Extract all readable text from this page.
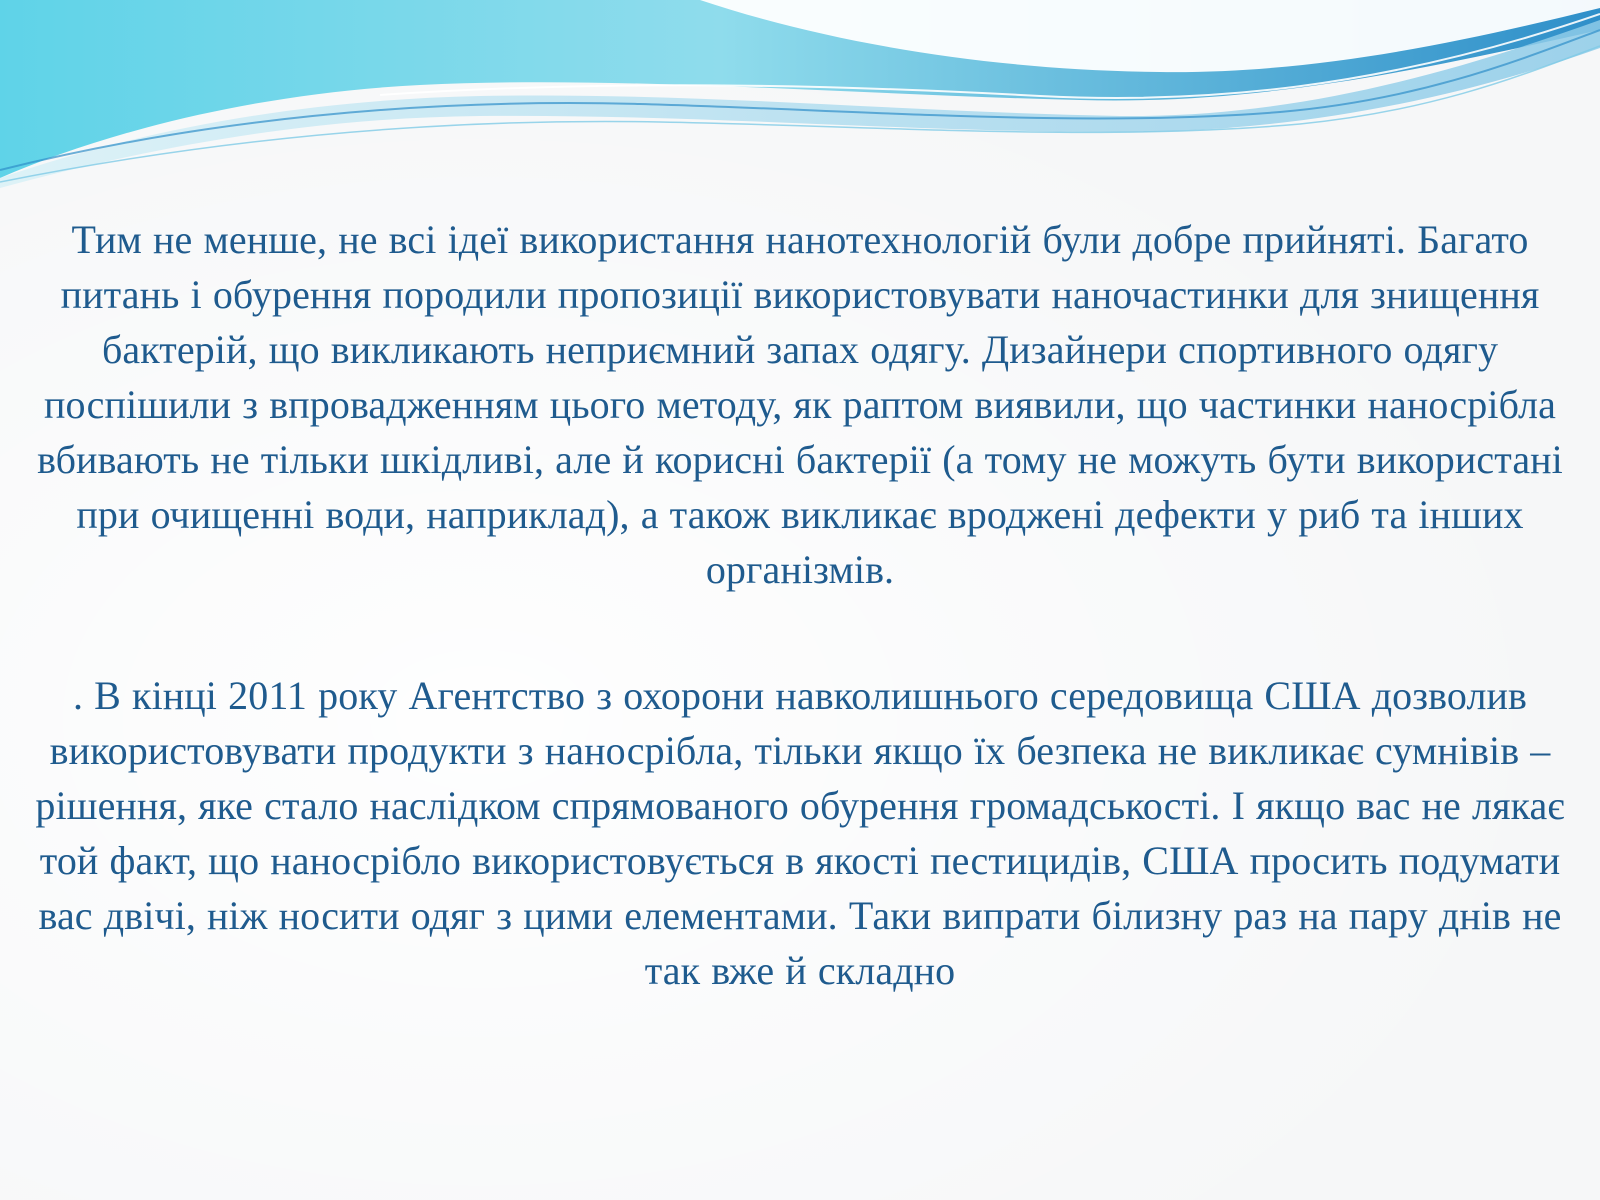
Тим не менше, не всі ідеї використання нанотехнологій були добре прийняті. Багато питань і обурення породили пропозиції використовувати наночастинки для знищення бактерій, що викликають неприємний запах одягу. Дизайнери спортивного одягу поспішили з впровадженням цього методу, як раптом виявили, що частинки наносрібла вбивають не тільки шкідливі, але й корисні бактерії (а тому не можуть бути використані при очищенні води, наприклад), а також викликає вроджені дефекти у риб та інших організмів.

. В кінці 2011 року Агентство з охорони навколишнього середовища США дозволив використовувати продукти з наносрібла, тільки якщо їх безпека не викликає сумнівів – рішення, яке стало наслідком спрямованого обурення громадськості. І якщо вас не лякає той факт, що наносрібло використовується в якості пестицидів, США просить подумати вас двічі, ніж носити одяг з цими елементами. Таки випрати білизну раз на пару днів не так вже й складно
